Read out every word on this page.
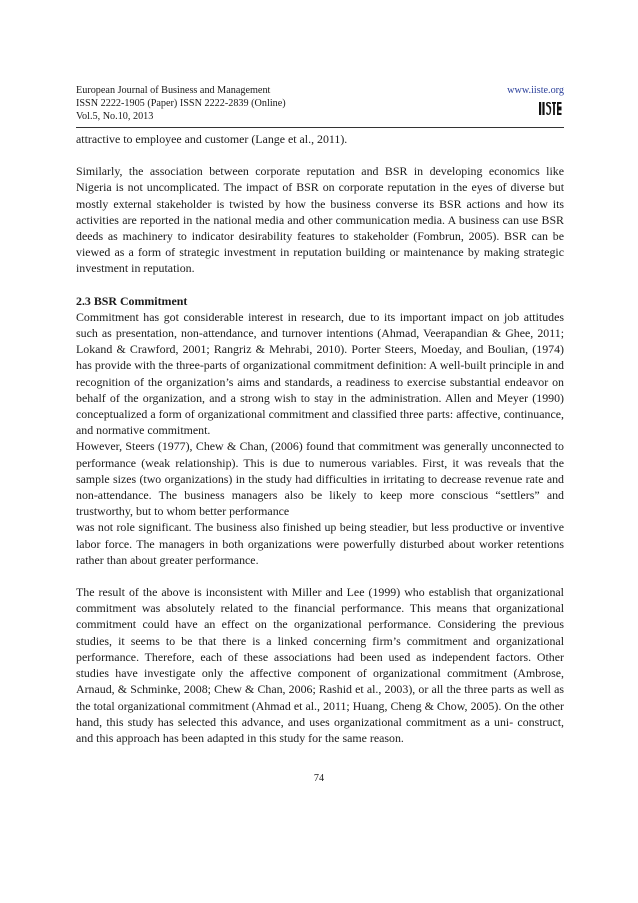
European Journal of Business and Management
ISSN 2222-1905 (Paper) ISSN 2222-2839 (Online)
Vol.5, No.10, 2013
www.iiste.org

attractive to employee and customer (Lange et al., 2011).

Similarly, the association between corporate reputation and BSR in developing economics like Nigeria is not uncomplicated. The impact of BSR on corporate reputation in the eyes of diverse but mostly external stakeholder is twisted by how the business converse its BSR actions and how its activities are reported in the national media and other communication media. A business can use BSR deeds as machinery to indicator desirability features to stakeholder (Fombrun, 2005). BSR can be viewed as a form of strategic investment in reputation building or maintenance by making strategic investment in reputation.

2.3 BSR Commitment

Commitment has got considerable interest in research, due to its important impact on job attitudes such as presentation, non-attendance, and turnover intentions (Ahmad, Veerapandian & Ghee, 2011; Lokand & Crawford, 2001; Rangriz & Mehrabi, 2010). Porter Steers, Moeday, and Boulian, (1974) has provide with the three-parts of organizational commitment definition: A well-built principle in and recognition of the organization’s aims and standards, a readiness to exercise substantial endeavor on behalf of the organization, and a strong wish to stay in the administration. Allen and Meyer (1990) conceptualized a form of organizational commitment and classified three parts: affective, continuance, and normative commitment.

However, Steers (1977), Chew & Chan, (2006) found that commitment was generally unconnected to performance (weak relationship). This is due to numerous variables. First, it was reveals that the sample sizes (two organizations) in the study had difficulties in irritating to decrease revenue rate and non-attendance. The business managers also be likely to keep more conscious “settlers” and trustworthy, but to whom better performance

was not role significant. The business also finished up being steadier, but less productive or inventive labor force. The managers in both organizations were powerfully disturbed about worker retentions rather than about greater performance.

The result of the above is inconsistent with Miller and Lee (1999) who establish that organizational commitment was absolutely related to the financial performance. This means that organizational commitment could have an effect on the organizational performance. Considering the previous studies, it seems to be that there is a linked concerning firm’s commitment and organizational performance. Therefore, each of these associations had been used as independent factors. Other studies have investigate only the affective component of organizational commitment (Ambrose, Arnaud, & Schminke, 2008; Chew & Chan, 2006; Rashid et al., 2003), or all the three parts as well as the total organizational commitment (Ahmad et al., 2011; Huang, Cheng & Chow, 2005). On the other hand, this study has selected this advance, and uses organizational commitment as a uni- construct, and this approach has been adapted in this study for the same reason.

74
